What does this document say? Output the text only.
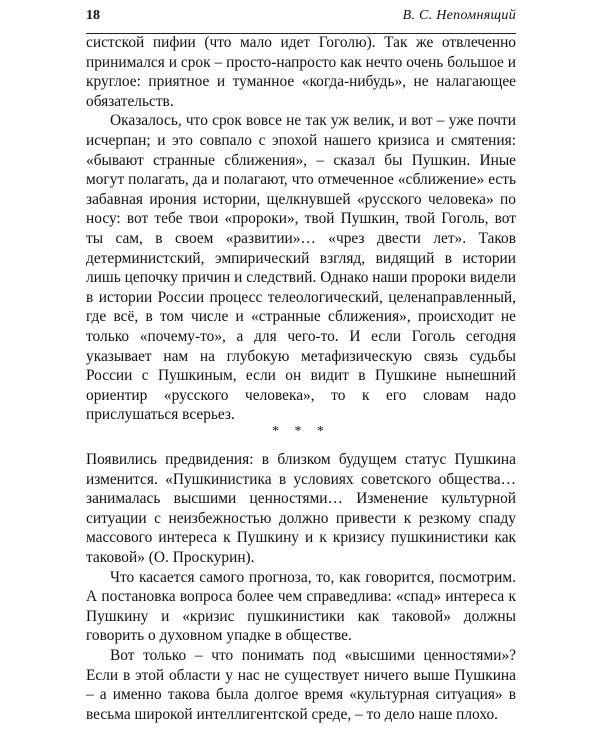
18	В. С. Непомнящий

систской пифии (что мало идет Гоголю). Так же отвлеченно принимался и срок – просто-напросто как нечто очень большое и круглое: приятное и туманное «когда-нибудь», не налагающее обязательств.

Оказалось, что срок вовсе не так уж велик, и вот – уже почти исчерпан; и это совпало с эпохой нашего кризиса и смятения: «бывают странные сближения», – сказал бы Пушкин. Иные могут полагать, да и полагают, что отмеченное «сближение» есть забавная ирония истории, щелкнувшей «русского человека» по носу: вот тебе твои «пророки», твой Пушкин, твой Гоголь, вот ты сам, в своем «развитии»… «чрез двести лет». Таков детерминистский, эмпирический взгляд, видящий в истории лишь цепочку причин и следствий. Однако наши пророки видели в истории России процесс телеологический, целенаправленный, где всё, в том числе и «странные сближения», происходит не только «почему-то», а для чего-то. И если Гоголь сегодня указывает нам на глубокую метафизическую связь судьбы России с Пушкиным, если он видит в Пушкине нынешний ориентир «русского человека», то к его словам надо прислушаться всерьез.

* * *

Появились предвидения: в близком будущем статус Пушкина изменится. «Пушкинистика в условиях советского общества… занималась высшими ценностями… Изменение культурной ситуации с неизбежностью должно привести к резкому спаду массового интереса к Пушкину и к кризису пушкинистики как таковой» (О. Проскурин).

Что касается самого прогноза, то, как говорится, посмотрим. А постановка вопроса более чем справедлива: «спад» интереса к Пушкину и «кризис пушкинистики как таковой» должны говорить о духовном упадке в обществе.

Вот только – что понимать под «высшими ценностями»? Если в этой области у нас не существует ничего выше Пушкина – а именно такова была долгое время «культурная ситуация» в весьма широкой интеллигентской среде, – то дело наше плохо.
